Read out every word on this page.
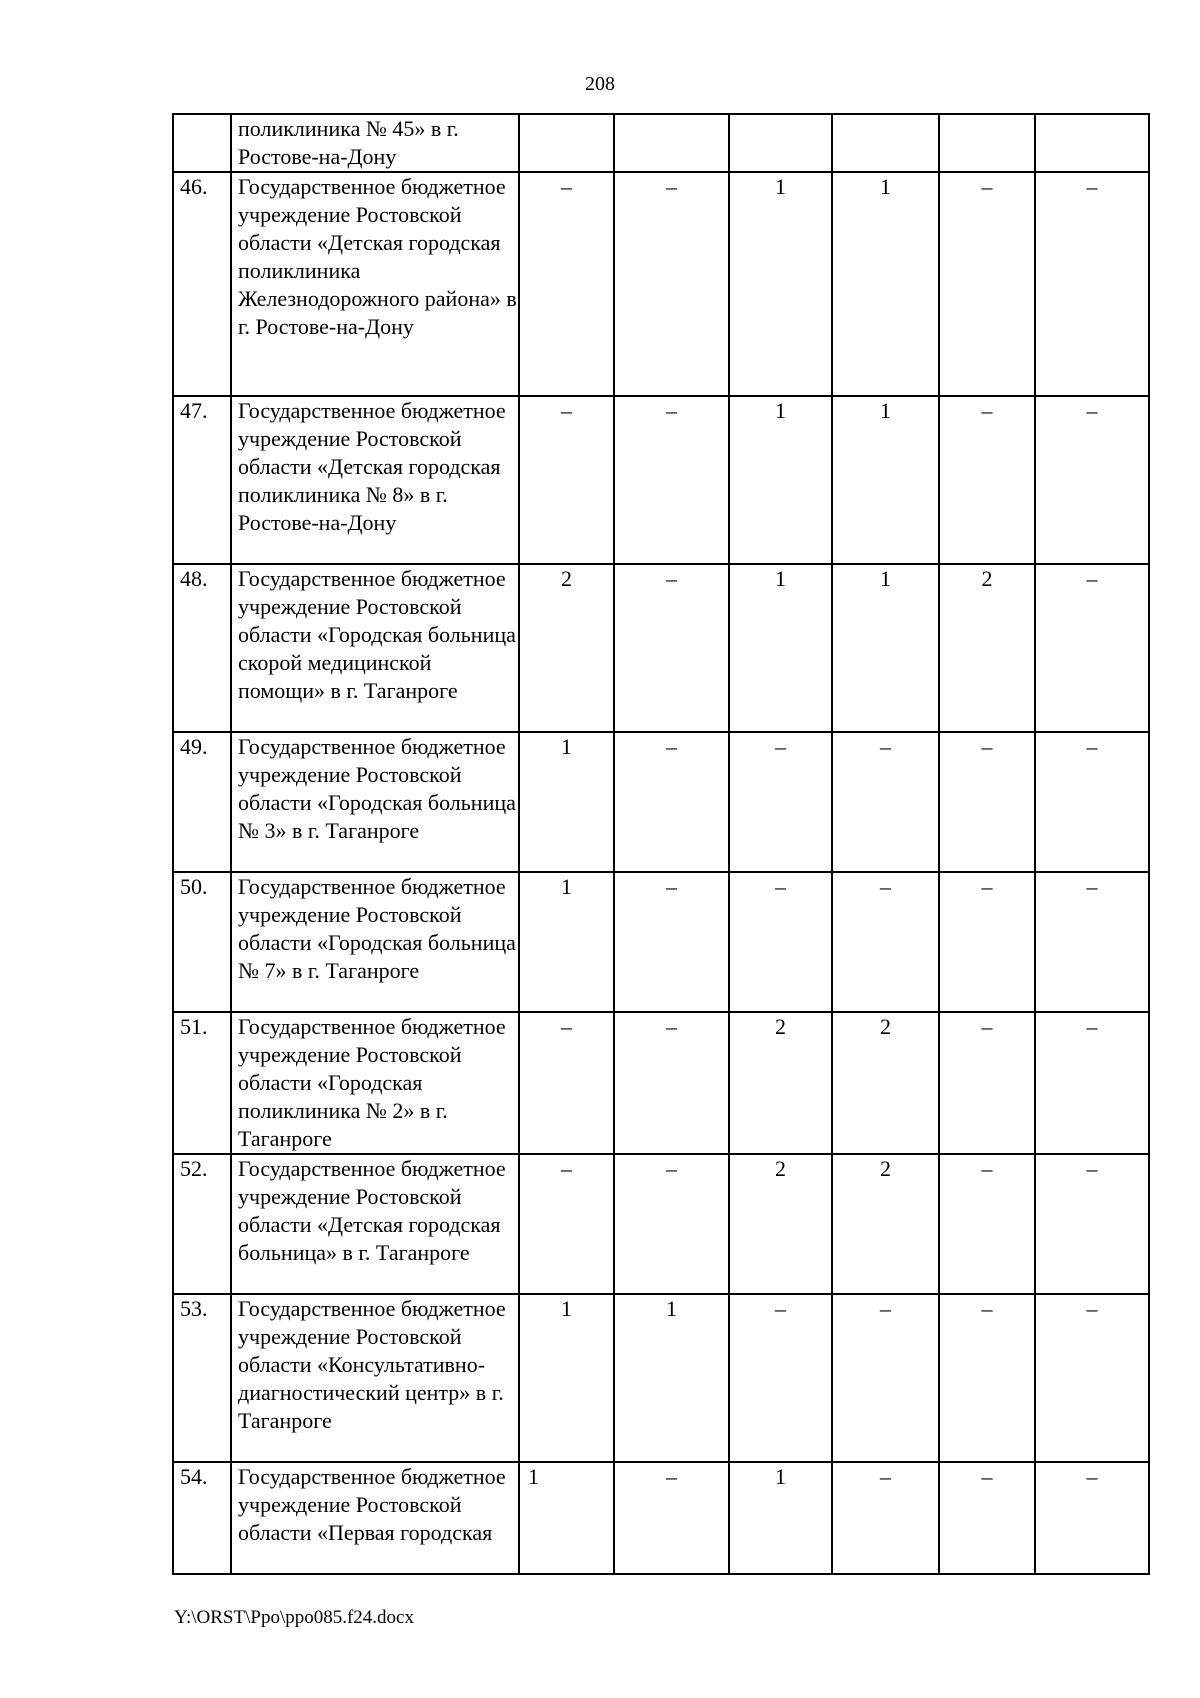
208
	поликлиника № 45» в г. Ростове-на-Дону						
46.	Государственное бюджетное учреждение Ростовской области «Детская городская поликлиника Железнодорожного района» в г. Ростове-на-Дону	–	–	1	1	–	–
47.	Государственное бюджетное учреждение Ростовской области «Детская городская поликлиника № 8» в г. Ростове-на-Дону	–	–	1	1	–	–
48.	Государственное бюджетное учреждение Ростовской области «Городская больница скорой медицинской помощи» в г. Таганроге	2	–	1	1	2	–
49.	Государственное бюджетное учреждение Ростовской области «Городская больница № 3» в г. Таганроге	1	–	–	–	–	–
50.	Государственное бюджетное учреждение Ростовской области «Городская больница № 7» в г. Таганроге	1	–	–	–	–	–
51.	Государственное бюджетное учреждение Ростовской области «Городская поликлиника № 2» в г. Таганроге	–	–	2	2	–	–
52.	Государственное бюджетное учреждение Ростовской области «Детская городская больница» в г. Таганроге	–	–	2	2	–	–
53.	Государственное бюджетное учреждение Ростовской области «Консультативно-диагностический центр» в г. Таганроге	1	1	–	–	–	–
54.	Государственное бюджетное учреждение Ростовской области «Первая городская	1	–	1	–	–	–
Y:\ORST\Ppo\ppo085.f24.docx
